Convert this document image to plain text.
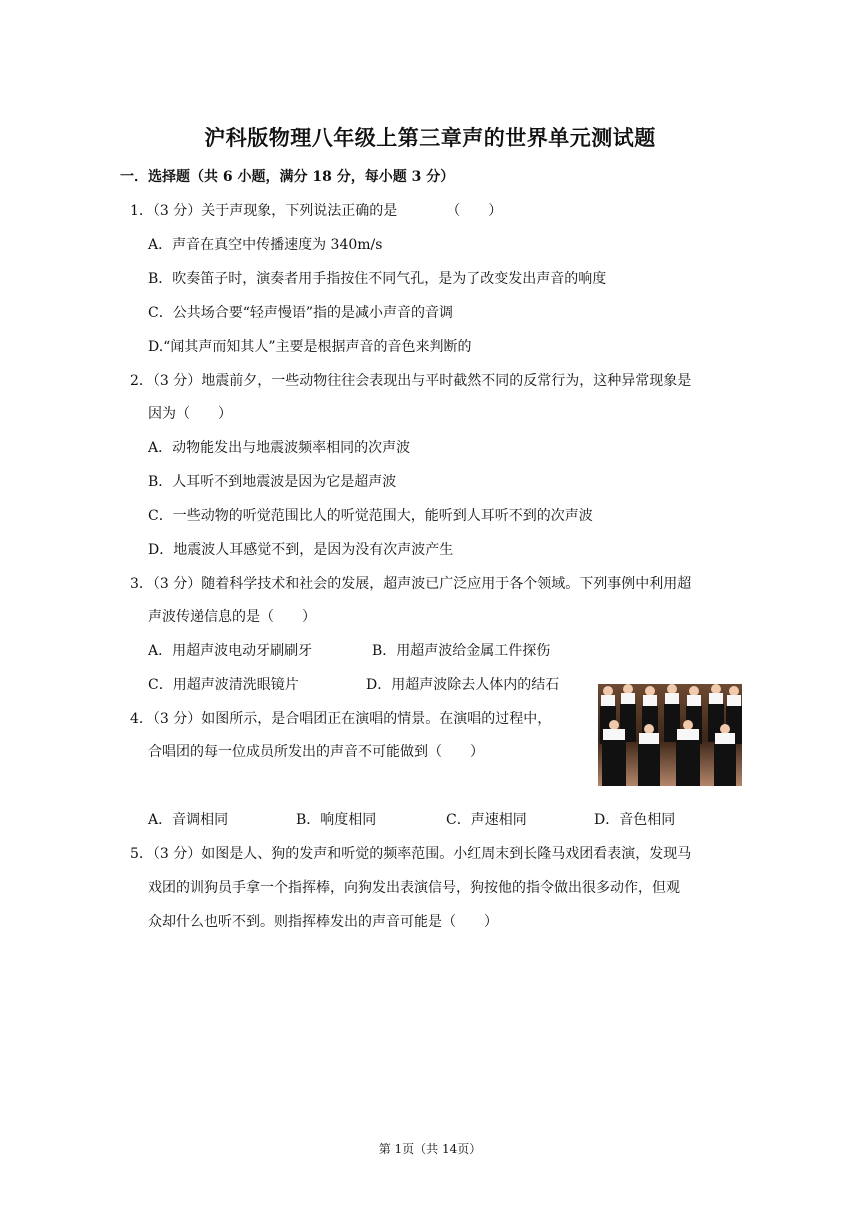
沪科版物理八年级上第三章声的世界单元测试题
一．选择题（共 6 小题，满分 18 分，每小题 3 分）
1．（3 分）关于声现象，下列说法正确的是　　　　（　　）
A．声音在真空中传播速度为 340m/s
B．吹奏笛子时，演奏者用手指按住不同气孔，是为了改变发出声音的响度
C．公共场合要“轻声慢语”指的是减小声音的音调
D.“闻其声而知其人”主要是根据声音的音色来判断的
2．（3 分）地震前夕，一些动物往往会表现出与平时截然不同的反常行为，这种异常现象是
因为（　　）
A．动物能发出与地震波频率相同的次声波
B．人耳听不到地震波是因为它是超声波
C．一些动物的听觉范围比人的听觉范围大，能听到人耳听不到的次声波
D．地震波人耳感觉不到，是因为没有次声波产生
3．（3 分）随着科学技术和社会的发展，超声波已广泛应用于各个领域。下列事例中利用超
声波传递信息的是（　　）
A．用超声波电动牙刷刷牙	B．用超声波给金属工件探伤
C．用超声波清洗眼镜片	D．用超声波除去人体内的结石
4．（3 分）如图所示，是合唱团正在演唱的情景。在演唱的过程中，
合唱团的每一位成员所发出的声音不可能做到（　　）
A．音调相同	B．响度相同	C．声速相同	D．音色相同
5．（3 分）如图是人、狗的发声和听觉的频率范围。小红周末到长隆马戏团看表演，发现马
戏团的训狗员手拿一个指挥棒，向狗发出表演信号，狗按他的指令做出很多动作，但观
众却什么也听不到。则指挥棒发出的声音可能是（　　）
第 1页（共 14页）
